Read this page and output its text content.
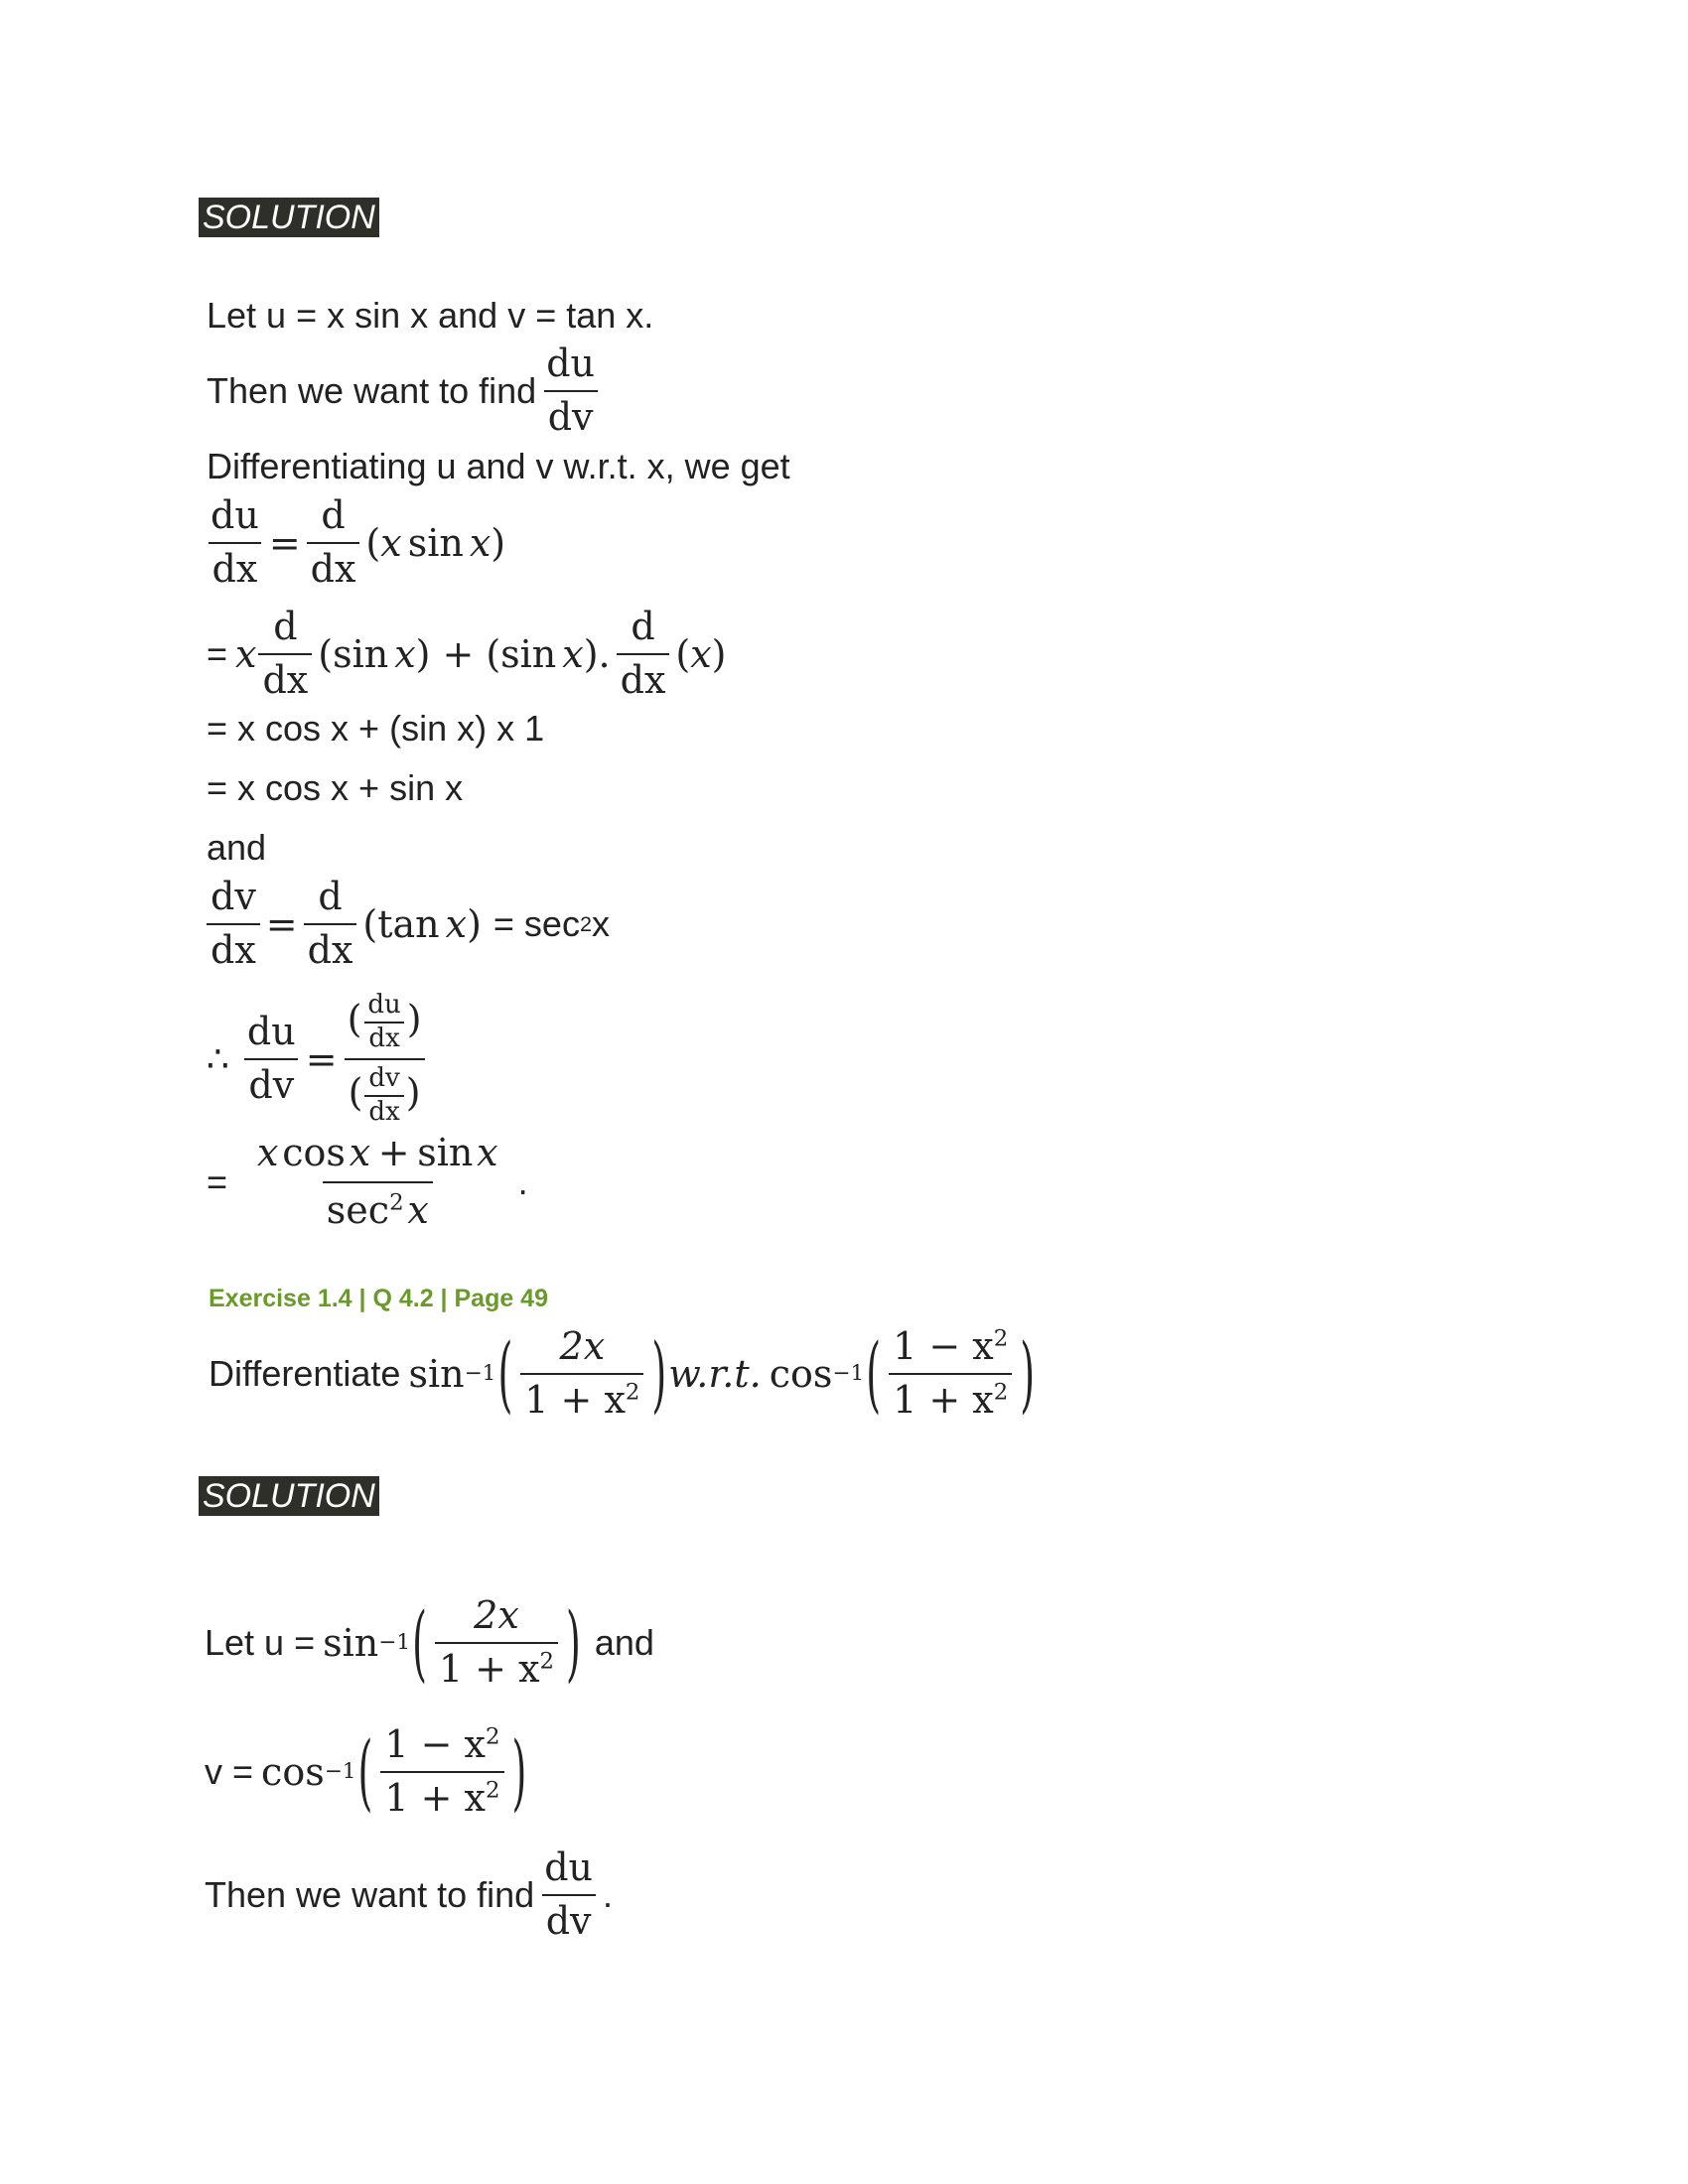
SOLUTION
Let u = x sin x and v = tan x.
Then we want to find $\frac{du}{dv}$
Differentiating u and v w.r.t. x, we get
$\frac{du}{dx} = \frac{d}{dx}$ ( x sin x )
= x $\frac{d}{dx}$ ( sin x ) + ( sin x ) . $\frac{d}{dx}$ ( x )
= x cos x + (sin x) x 1
= x cos x + sin x
and
$\frac{dv}{dx} = \frac{d}{dx}$ ( tan x ) = sec 2 x
∴ $\frac{du}{dv} = \frac{( \frac{du}{dx} )}{( \frac{dv}{dx} )}$
= $\frac{\text{x cos x  +  sin x}}{\sec^2 x}$ .
Exercise 1.4 | Q 4.2 | Page 49
Differentiate sin −1 ( $\frac{2x}{1 + x^2}$ ) w.r.t. cos −1 ( $\frac{1 - x^2}{1 + x^2}$ )
SOLUTION
Let u = sin −1 ( $\frac{2x}{1 + x^2}$ ) and
v = cos −1 ( $\frac{1 - x^2}{1 + x^2}$ )
Then we want to find $\frac{du}{dv}$ .
